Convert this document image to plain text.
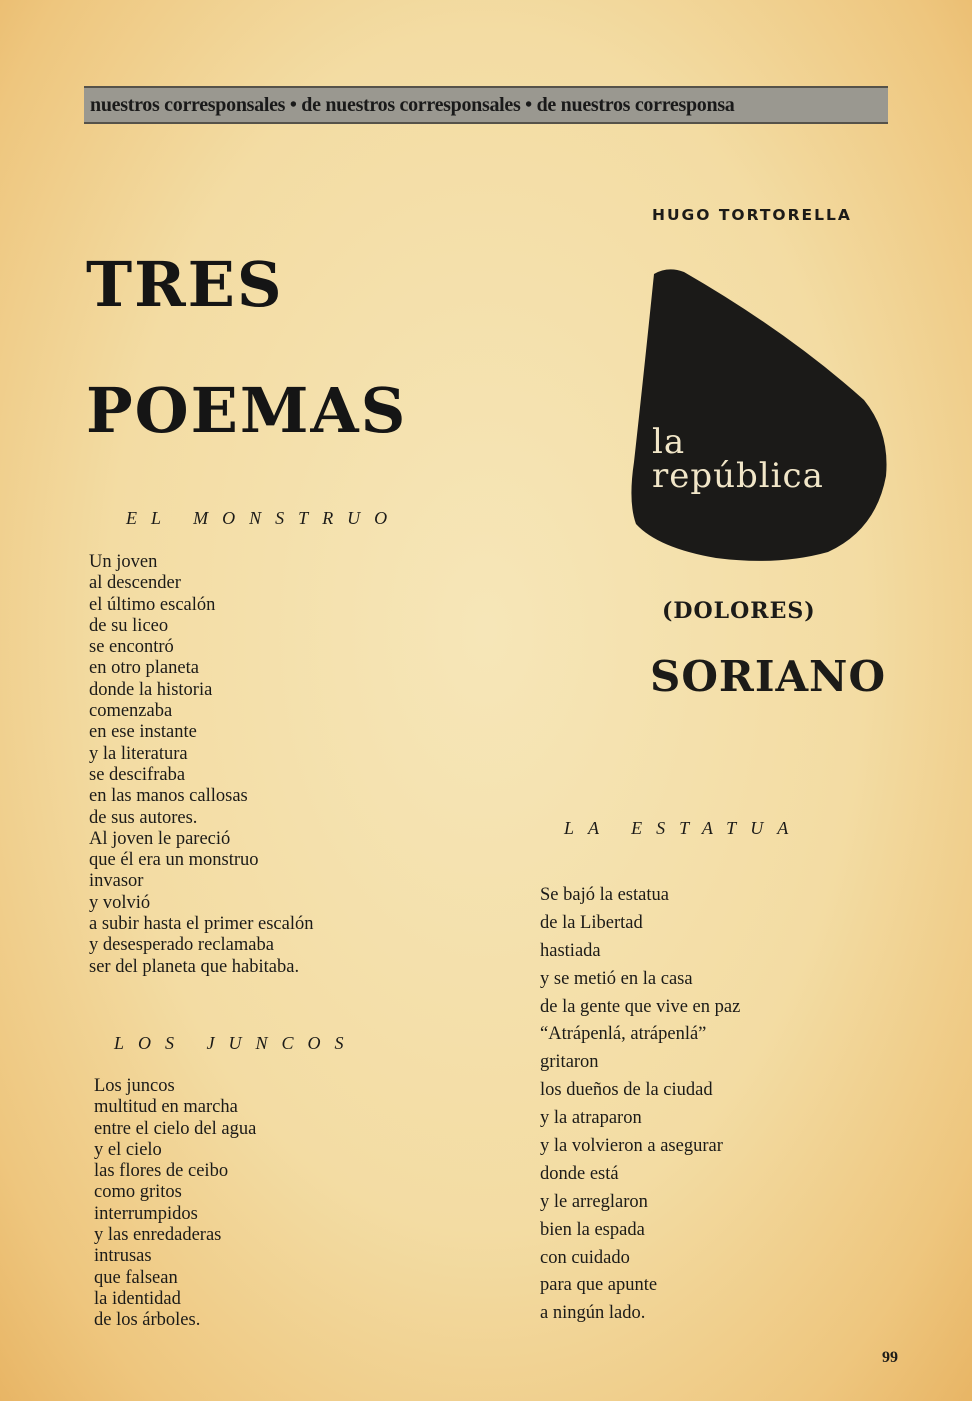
nuestros corresponsales • de nuestros corresponsales • de nuestros corresponsa
TRES
POEMAS
HUGO TORTORELLA
la
república
(DOLORES)
SORIANO
EL MONSTRUO
Un joven
al descender
el último escalón
de su liceo
se encontró
en otro planeta
donde la historia
comenzaba
en ese instante
y la literatura
se descifraba
en las manos callosas
de sus autores.
Al joven le pareció
que él era un monstruo
invasor
y volvió
a subir hasta el primer escalón
y desesperado reclamaba
ser del planeta que habitaba.
LOS JUNCOS
Los juncos
multitud en marcha
entre el cielo del agua
y el cielo
las flores de ceibo
como gritos
interrumpidos
y las enredaderas
intrusas
que falsean
la identidad
de los árboles.
LA ESTATUA
Se bajó la estatua
de la Libertad
hastiada
y se metió en la casa
de la gente que vive en paz
“Atrápenlá, atrápenlá”
gritaron
los dueños de la ciudad
y la atraparon
y la volvieron a asegurar
donde está
y le arreglaron
bien la espada
con cuidado
para que apunte
a ningún lado.
99
